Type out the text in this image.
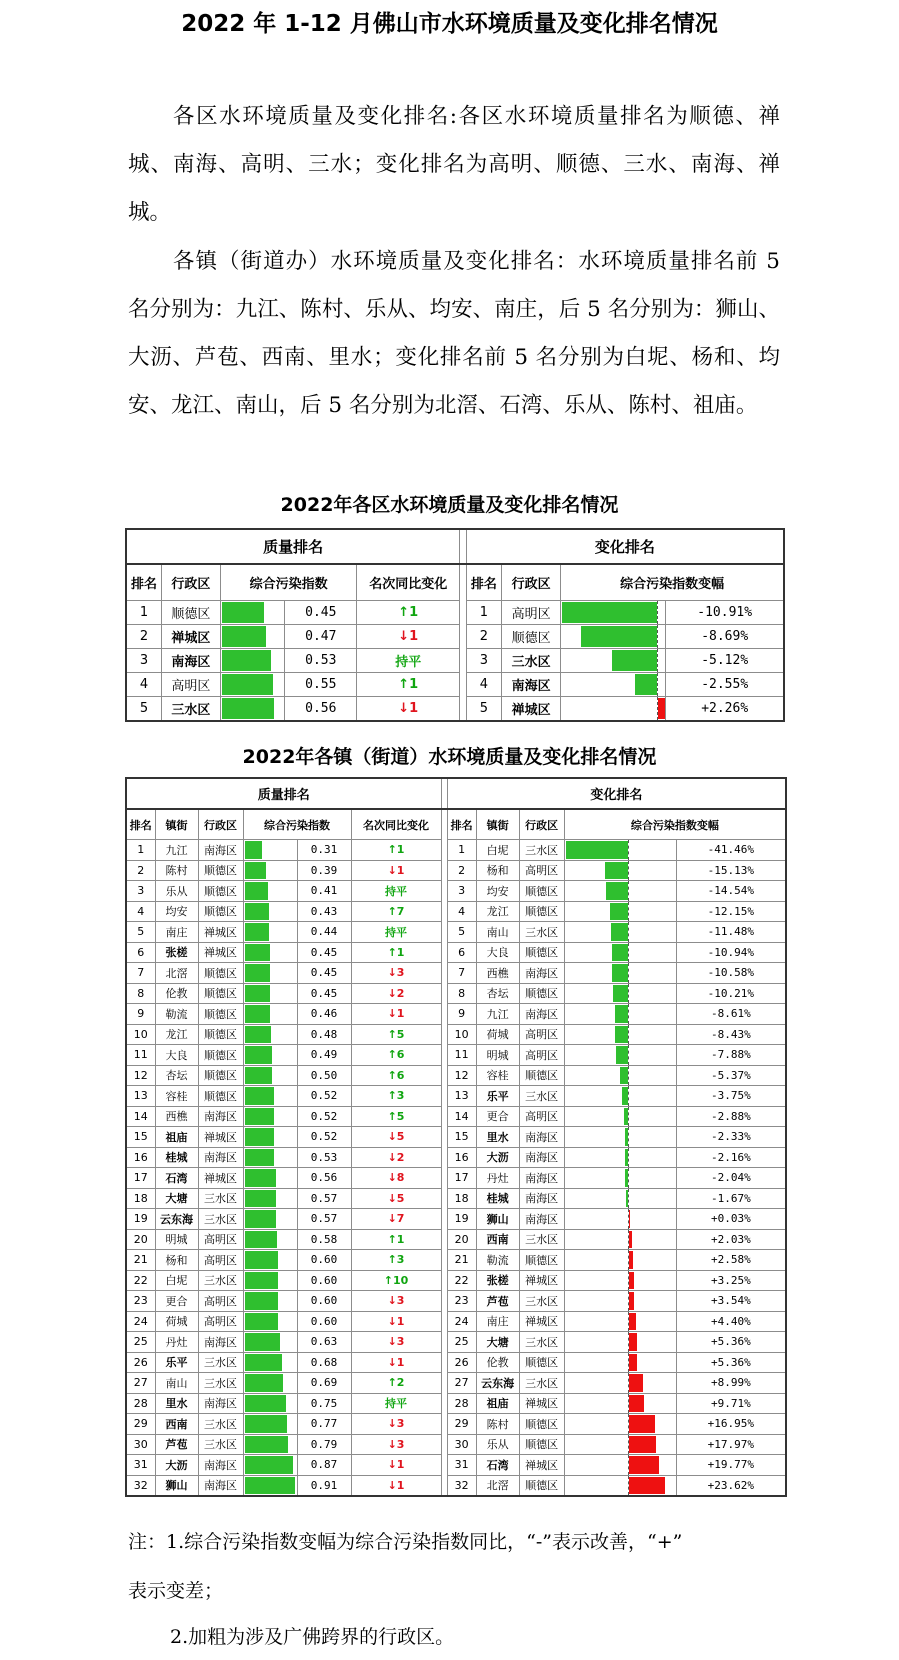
2022 年 1-12 月佛山市水环境质量及变化排名情况

各区水环境质量及变化排名:各区水环境质量排名为顺德、禅城、南海、高明、三水；变化排名为高明、顺德、三水、南海、禅城。

各镇（街道办）水环境质量及变化排名：水环境质量排名前 5 名分别为：九江、陈村、乐从、均安、南庄，后 5 名分别为：狮山、大沥、芦苞、西南、里水；变化排名前 5 名分别为白坭、杨和、均安、龙江、南山，后 5 名分别为北滘、石湾、乐从、陈村、祖庙。

2022年各区水环境质量及变化排名情况
质量排名						变化排名			
排名	行政区	综合污染指数		名次同比变化		排名	行政区	综合污染指数变幅	
1	顺德区		0.45	↑1		1	高明区		-10.91%
2	禅城区		0.47	↓1		2	顺德区		-8.69%
3	南海区		0.53	持平		3	三水区		-5.12%
4	高明区		0.55	↑1		4	南海区		-2.55%
5	三水区		0.56	↓1		5	禅城区		+2.26%
2022年各镇（街道）水环境质量及变化排名情况
质量排名							变化排名				
排名	镇街	行政区	综合污染指数		名次同比变化		排名	镇街	行政区	综合污染指数变幅	
1	九江	南海区		0.31	↑1		1	白坭	三水区		-41.46%
2	陈村	顺德区		0.39	↓1		2	杨和	高明区		-15.13%
3	乐从	顺德区		0.41	持平		3	均安	顺德区		-14.54%
4	均安	顺德区		0.43	↑7		4	龙江	顺德区		-12.15%
5	南庄	禅城区		0.44	持平		5	南山	三水区		-11.48%
6	张槎	禅城区		0.45	↑1		6	大良	顺德区		-10.94%
7	北滘	顺德区		0.45	↓3		7	西樵	南海区		-10.58%
8	伦教	顺德区		0.45	↓2		8	杏坛	顺德区		-10.21%
9	勒流	顺德区		0.46	↓1		9	九江	南海区		-8.61%
10	龙江	顺德区		0.48	↑5		10	荷城	高明区		-8.43%
11	大良	顺德区		0.49	↑6		11	明城	高明区		-7.88%
12	杏坛	顺德区		0.50	↑6		12	容桂	顺德区		-5.37%
13	容桂	顺德区		0.52	↑3		13	乐平	三水区		-3.75%
14	西樵	南海区		0.52	↑5		14	更合	高明区		-2.88%
15	祖庙	禅城区		0.52	↓5		15	里水	南海区		-2.33%
16	桂城	南海区		0.53	↓2		16	大沥	南海区		-2.16%
17	石湾	禅城区		0.56	↓8		17	丹灶	南海区		-2.04%
18	大塘	三水区		0.57	↓5		18	桂城	南海区		-1.67%
19	云东海	三水区		0.57	↓7		19	狮山	南海区		+0.03%
20	明城	高明区		0.58	↑1		20	西南	三水区		+2.03%
21	杨和	高明区		0.60	↑3		21	勒流	顺德区		+2.58%
22	白坭	三水区		0.60	↑10		22	张槎	禅城区		+3.25%
23	更合	高明区		0.60	↓3		23	芦苞	三水区		+3.54%
24	荷城	高明区		0.60	↓1		24	南庄	禅城区		+4.40%
25	丹灶	南海区		0.63	↓3		25	大塘	三水区		+5.36%
26	乐平	三水区		0.68	↓1		26	伦教	顺德区		+5.36%
27	南山	三水区		0.69	↑2		27	云东海	三水区		+8.99%
28	里水	南海区		0.75	持平		28	祖庙	禅城区		+9.71%
29	西南	三水区		0.77	↓3		29	陈村	顺德区		+16.95%
30	芦苞	三水区		0.79	↓3		30	乐从	顺德区		+17.97%
31	大沥	南海区		0.87	↓1		31	石湾	禅城区		+19.77%
32	狮山	南海区		0.91	↓1		32	北滘	顺德区		+23.62%

注：1.综合污染指数变幅为综合污染指数同比，“-”表示改善，“+”

表示变差；

2.加粗为涉及广佛跨界的行政区。
